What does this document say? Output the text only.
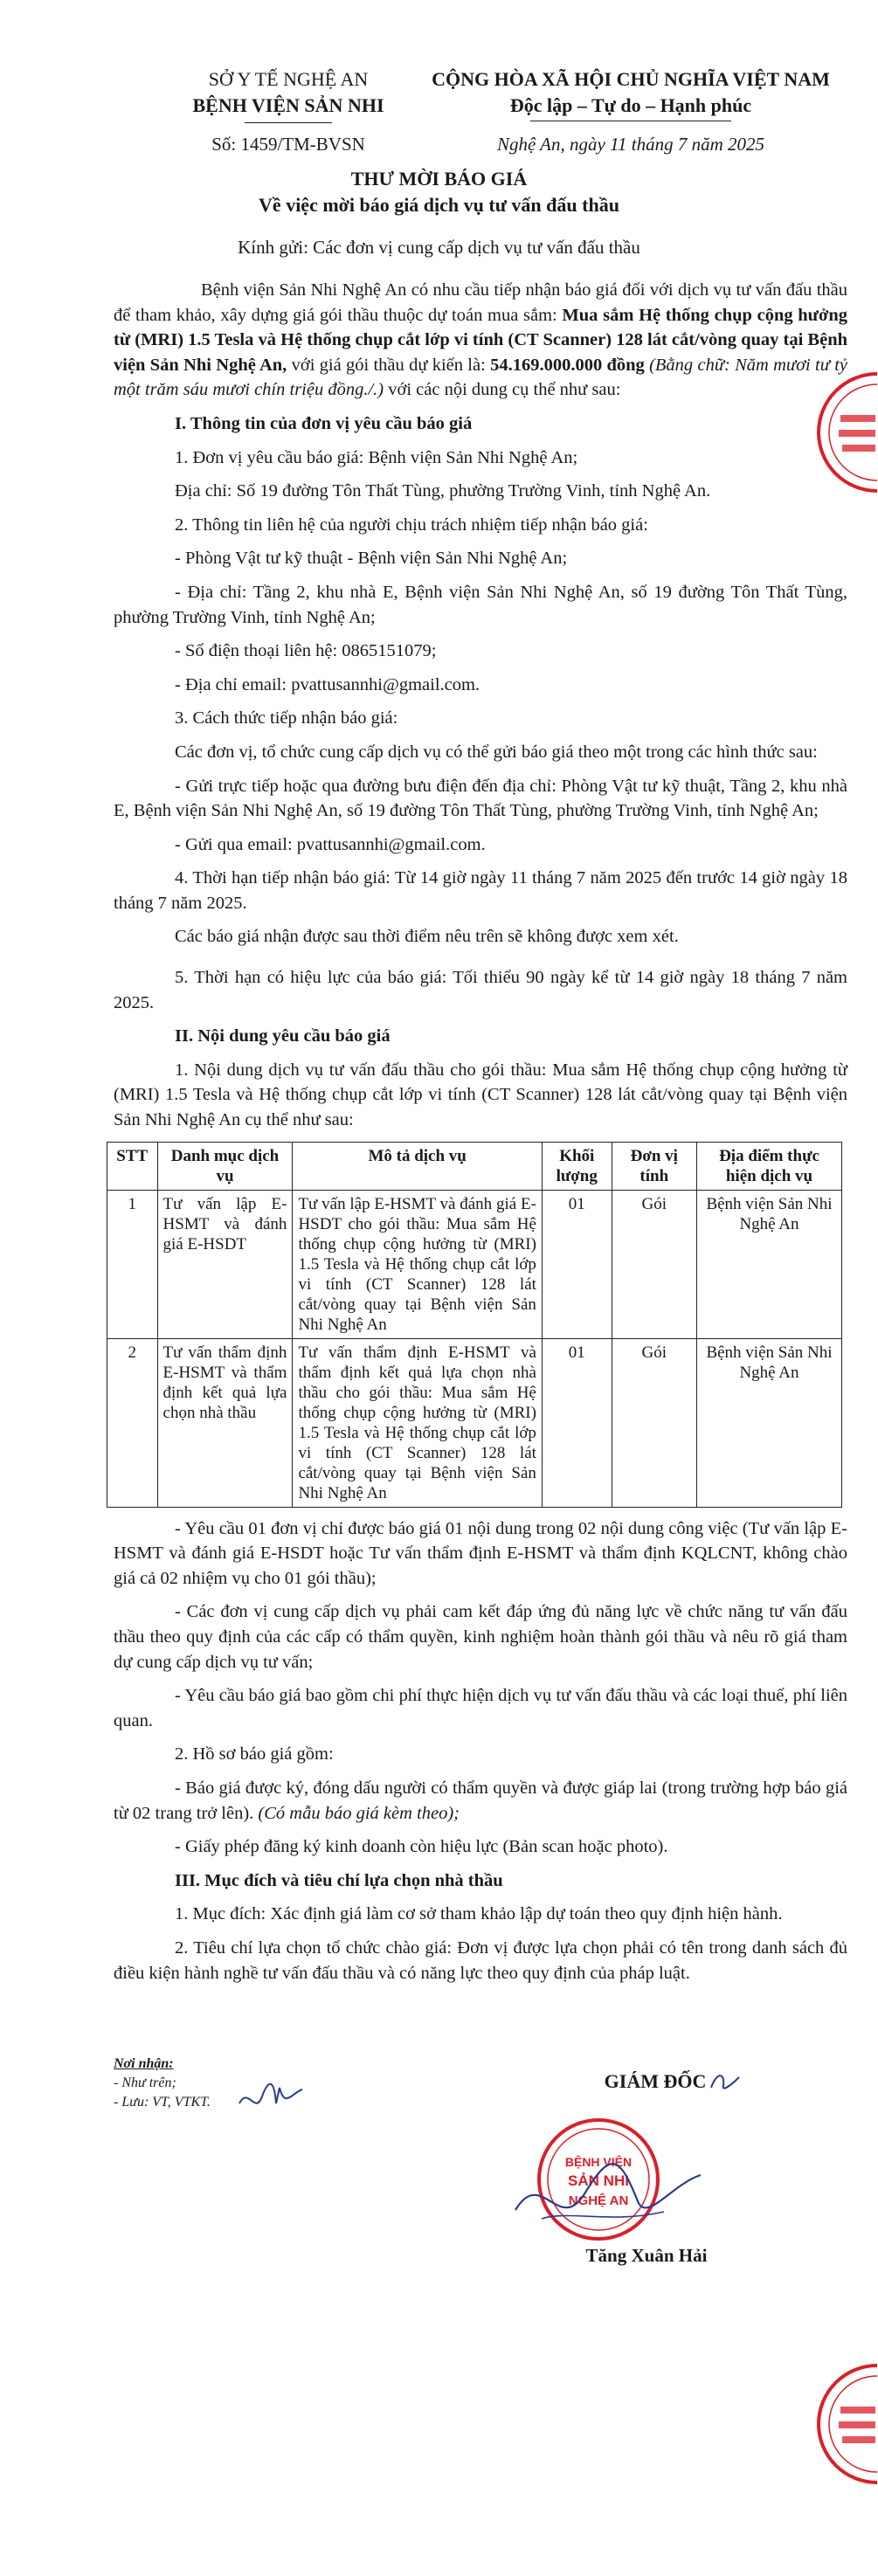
SỞ Y TẾ NGHỆ AN
BỆNH VIỆN SẢN NHI
Số: 1459/TM-BVSN
CỘNG HÒA XÃ HỘI CHỦ NGHĨA VIỆT NAM
Độc lập – Tự do – Hạnh phúc
Nghệ An, ngày 11 tháng 7 năm 2025
THƯ MỜI BÁO GIÁ
Về việc mời báo giá dịch vụ tư vấn đấu thầu
Kính gửi: Các đơn vị cung cấp dịch vụ tư vấn đấu thầu

Bệnh viện Sản Nhi Nghệ An có nhu cầu tiếp nhận báo giá đối với dịch vụ tư vấn đấu thầu để tham khảo, xây dựng giá gói thầu thuộc dự toán mua sắm: Mua sắm Hệ thống chụp cộng hưởng từ (MRI) 1.5 Tesla và Hệ thống chụp cắt lớp vi tính (CT Scanner) 128 lát cắt/vòng quay tại Bệnh viện Sản Nhi Nghệ An, với giá gói thầu dự kiến là: 54.169.000.000 đồng (Bằng chữ: Năm mươi tư tỷ một trăm sáu mươi chín triệu đồng./.) với các nội dung cụ thể như sau:

I. Thông tin của đơn vị yêu cầu báo giá

1. Đơn vị yêu cầu báo giá: Bệnh viện Sản Nhi Nghệ An;

Địa chỉ: Số 19 đường Tôn Thất Tùng, phường Trường Vinh, tỉnh Nghệ An.

2. Thông tin liên hệ của người chịu trách nhiệm tiếp nhận báo giá:

- Phòng Vật tư kỹ thuật - Bệnh viện Sản Nhi Nghệ An;

- Địa chỉ: Tầng 2, khu nhà E, Bệnh viện Sản Nhi Nghệ An, số 19 đường Tôn Thất Tùng, phường Trường Vinh, tỉnh Nghệ An;

- Số điện thoại liên hệ: 0865151079;

- Địa chỉ email: pvattusannhi@gmail.com.

3. Cách thức tiếp nhận báo giá:

Các đơn vị, tổ chức cung cấp dịch vụ có thể gửi báo giá theo một trong các hình thức sau:

- Gửi trực tiếp hoặc qua đường bưu điện đến địa chỉ: Phòng Vật tư kỹ thuật, Tầng 2, khu nhà E, Bệnh viện Sản Nhi Nghệ An, số 19 đường Tôn Thất Tùng, phường Trường Vinh, tỉnh Nghệ An;

- Gửi qua email: pvattusannhi@gmail.com.

4. Thời hạn tiếp nhận báo giá: Từ 14 giờ ngày 11 tháng 7 năm 2025 đến trước 14 giờ ngày 18 tháng 7 năm 2025.

Các báo giá nhận được sau thời điểm nêu trên sẽ không được xem xét.

5. Thời hạn có hiệu lực của báo giá: Tối thiểu 90 ngày kể từ 14 giờ ngày 18 tháng 7 năm 2025.

II. Nội dung yêu cầu báo giá

1. Nội dung dịch vụ tư vấn đấu thầu cho gói thầu: Mua sắm Hệ thống chụp cộng hưởng từ (MRI) 1.5 Tesla và Hệ thống chụp cắt lớp vi tính (CT Scanner) 128 lát cắt/vòng quay tại Bệnh viện Sản Nhi Nghệ An cụ thể như sau:

STT	Danh mục dịch vụ	Mô tả dịch vụ	Khối lượng	Đơn vị tính	Địa điểm thực hiện dịch vụ
1	Tư vấn lập E-HSMT và đánh giá E-HSDT	Tư vấn lập E-HSMT và đánh giá E-HSDT cho gói thầu: Mua sắm Hệ thống chụp cộng hưởng từ (MRI) 1.5 Tesla và Hệ thống chụp cắt lớp vi tính (CT Scanner) 128 lát cắt/vòng quay tại Bệnh viện Sản Nhi Nghệ An	01	Gói	Bệnh viện Sản Nhi Nghệ An
2	Tư vấn thẩm định E-HSMT và thẩm định kết quả lựa chọn nhà thầu	Tư vấn thẩm định E-HSMT và thẩm định kết quả lựa chọn nhà thầu cho gói thầu: Mua sắm Hệ thống chụp cộng hưởng từ (MRI) 1.5 Tesla và Hệ thống chụp cắt lớp vi tính (CT Scanner) 128 lát cắt/vòng quay tại Bệnh viện Sản Nhi Nghệ An	01	Gói	Bệnh viện Sản Nhi Nghệ An

- Yêu cầu 01 đơn vị chỉ được báo giá 01 nội dung trong 02 nội dung công việc (Tư vấn lập E-HSMT và đánh giá E-HSDT hoặc Tư vấn thẩm định E-HSMT và thẩm định KQLCNT, không chào giá cả 02 nhiệm vụ cho 01 gói thầu);

- Các đơn vị cung cấp dịch vụ phải cam kết đáp ứng đủ năng lực về chức năng tư vấn đấu thầu theo quy định của các cấp có thẩm quyền, kinh nghiệm hoàn thành gói thầu và nêu rõ giá tham dự cung cấp dịch vụ tư vấn;

- Yêu cầu báo giá bao gồm chi phí thực hiện dịch vụ tư vấn đấu thầu và các loại thuế, phí liên quan.

2. Hồ sơ báo giá gồm:

- Báo giá được ký, đóng dấu người có thẩm quyền và được giáp lai (trong trường hợp báo giá từ 02 trang trở lên). (Có mẫu báo giá kèm theo);

- Giấy phép đăng ký kinh doanh còn hiệu lực (Bản scan hoặc photo).

III. Mục đích và tiêu chí lựa chọn nhà thầu

1. Mục đích: Xác định giá làm cơ sở tham khảo lập dự toán theo quy định hiện hành.

2. Tiêu chí lựa chọn tổ chức chào giá: Đơn vị được lựa chọn phải có tên trong danh sách đủ điều kiện hành nghề tư vấn đấu thầu và có năng lực theo quy định của pháp luật.

Nơi nhận:
- Như trên;
- Lưu: VT, VTKT.
GIÁM ĐỐC
BỆNH VIỆN
SẢN NHI
NGHỆ AN
Tăng Xuân Hải
